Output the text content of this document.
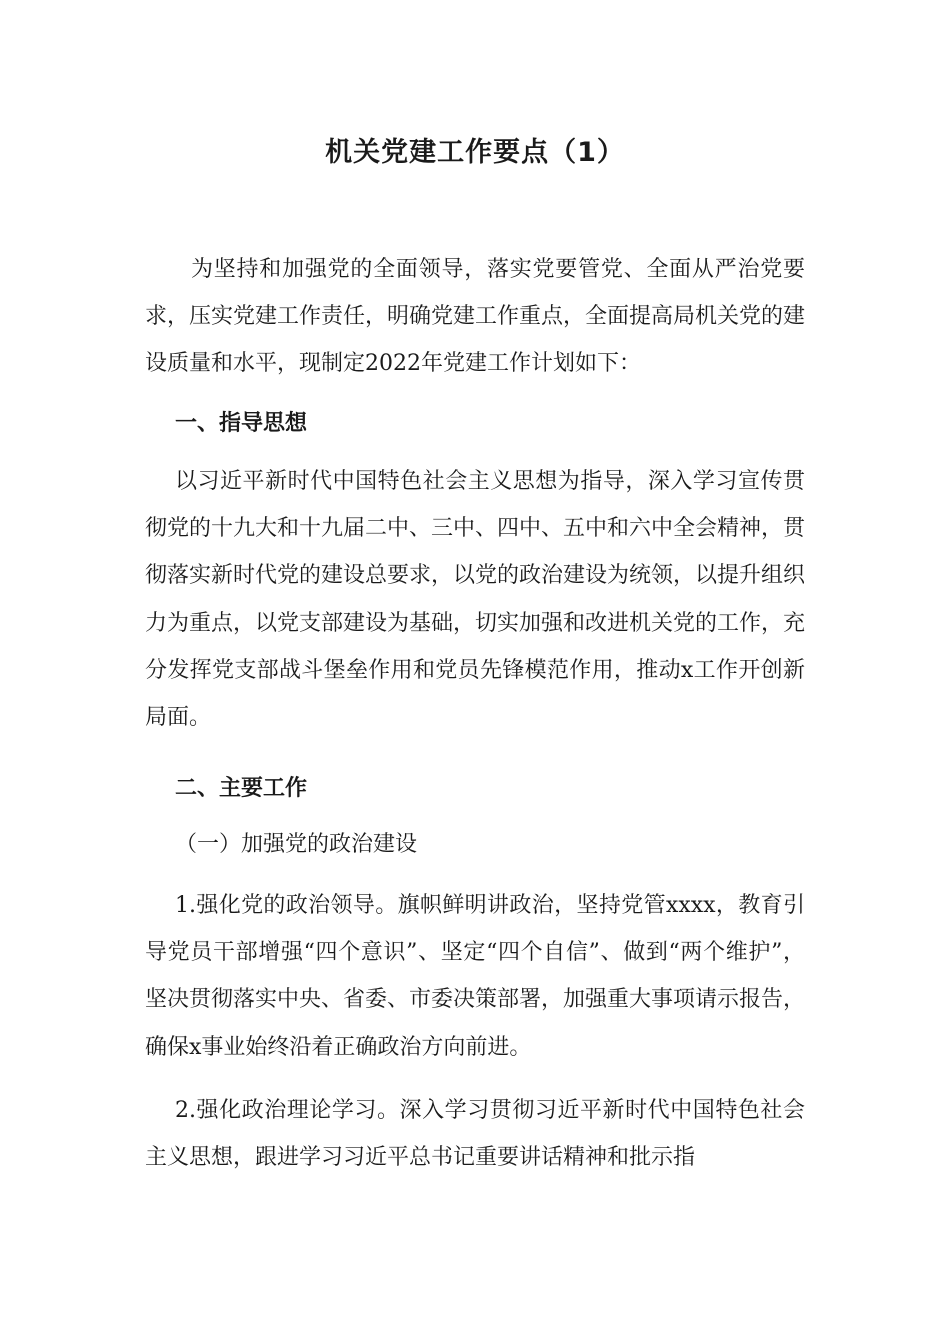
机关党建工作要点（1）

为坚持和加强党的全面领导，落实党要管党、全面从严治党要求，压实党建工作责任，明确党建工作重点，全面提高局机关党的建设质量和水平，现制定2022年党建工作计划如下：

一、指导思想

以习近平新时代中国特色社会主义思想为指导，深入学习宣传贯彻党的十九大和十九届二中、三中、四中、五中和六中全会精神，贯彻落实新时代党的建设总要求，以党的政治建设为统领，以提升组织力为重点，以党支部建设为基础，切实加强和改进机关党的工作，充分发挥党支部战斗堡垒作用和党员先锋模范作用，推动x工作开创新局面。

二、主要工作

（一）加强党的政治建设

1.强化党的政治领导。旗帜鲜明讲政治，坚持党管xxxx，教育引导党员干部增强“四个意识”、坚定“四个自信”、做到“两个维护”，坚决贯彻落实中央、省委、市委决策部署，加强重大事项请示报告，确保x事业始终沿着正确政治方向前进。

2.强化政治理论学习。深入学习贯彻习近平新时代中国特色社会主义思想，跟进学习习近平总书记重要讲话精神和批示指
